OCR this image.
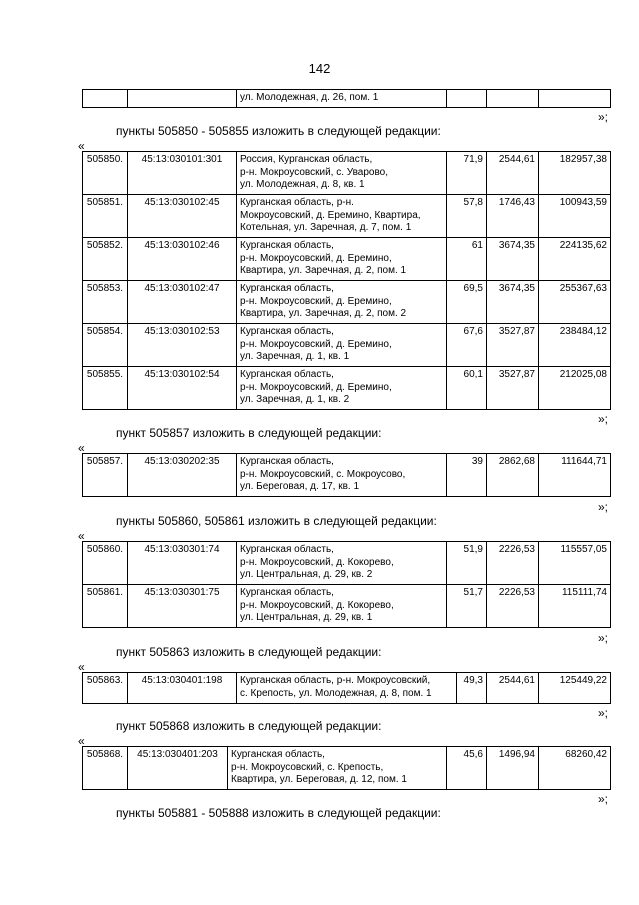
142
		ул. Молодежная, д. 26, пом. 1			
»;
пункты 505850 - 505855 изложить в следующей редакции:
«
505850.	45:13:030101:301	Россия, Курганская область,
р-н. Мокроусовский, с. Уварово,
ул. Молодежная, д. 8, кв. 1	71,9	2544,61	182957,38
505851.	45:13:030102:45	Курганская область, р-н.
Мокроусовский, д. Еремино, Квартира,
Котельная, ул. Заречная, д. 7, пом. 1	57,8	1746,43	100943,59
505852.	45:13:030102:46	Курганская область,
р-н. Мокроусовский, д. Еремино,
Квартира, ул. Заречная, д. 2, пом. 1	61	3674,35	224135,62
505853.	45:13:030102:47	Курганская область,
р-н. Мокроусовский, д. Еремино,
Квартира, ул. Заречная, д. 2, пом. 2	69,5	3674,35	255367,63
505854.	45:13:030102:53	Курганская область,
р-н. Мокроусовский, д. Еремино,
ул. Заречная, д. 1, кв. 1	67,6	3527,87	238484,12
505855.	45:13:030102:54	Курганская область,
р-н. Мокроусовский, д. Еремино,
ул. Заречная, д. 1, кв. 2	60,1	3527,87	212025,08
»;
пункт 505857 изложить в следующей редакции:
«
505857.	45:13:030202:35	Курганская область,
р-н. Мокроусовский, с. Мокроусово,
ул. Береговая, д. 17, кв. 1
	39	2862,68	111644,71
»;
пункты 505860, 505861 изложить в следующей редакции:
«
505860.	45:13:030301:74	Курганская область,
р-н. Мокроусовский, д. Кокорево,
ул. Центральная, д. 29, кв. 2	51,9	2226,53	115557,05
505861.	45:13:030301:75	Курганская область,
р-н. Мокроусовский, д. Кокорево,
ул. Центральная, д. 29, кв. 1	51,7	2226,53	115111,74
»;
пункт 505863 изложить в следующей редакции:
«
505863.	45:13:030401:198	Курганская область, р-н. Мокроусовский,
с. Крепость, ул. Молодежная, д. 8, пом. 1
	49,3	2544,61	125449,22
»;
пункт 505868 изложить в следующей редакции:
«
505868.	45:13:030401:203	Курганская область,
р-н. Мокроусовский, с. Крепость,
Квартира, ул. Береговая, д. 12, пом. 1
	45,6	1496,94	68260,42
»;
пункты 505881 - 505888 изложить в следующей редакции:
